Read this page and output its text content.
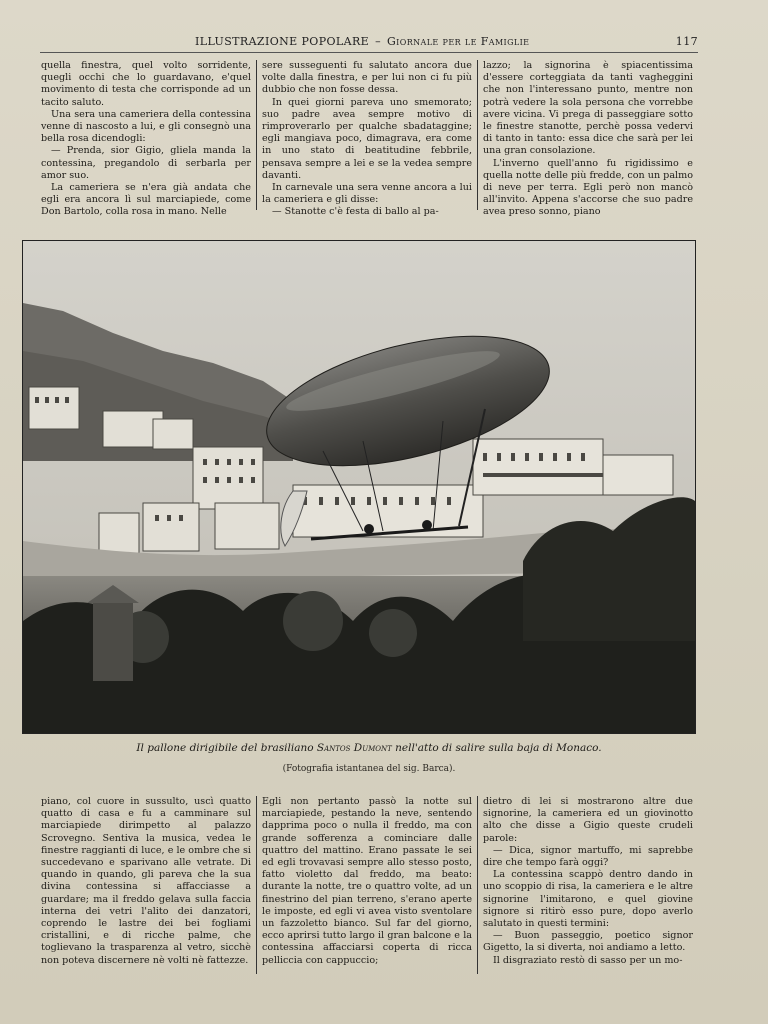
ILLUSTRAZIONE POPOLARE – Giornale per le Famiglie	117

quella finestra, quel volto sorridente, quegli occhi che lo guardavano, e'quel movimento di testa che corrisponde ad un tacito saluto.

Una sera una cameriera della contessina venne di nascosto a lui, e gli consegnò una bella rosa dicendogli:

— Prenda, sior Gigio, gliela manda la contessina, pregandolo di serbarla per amor suo.

La cameriera se n'era già andata che egli era ancora lì sul marciapiede, come Don Bartolo, colla rosa in mano. Nelle

sere susseguenti fu salutato ancora due volte dalla finestra, e per lui non ci fu più dubbio che non fosse dessa.

In quei giorni pareva uno smemorato; suo padre avea sempre motivo di rimproverarlo per qualche sbadataggine; egli mangiava poco, dimagrava, era come in uno stato di beatitudine febbrile, pensava sempre a lei e se la vedea sempre davanti.

In carnevale una sera venne ancora a lui la cameriera e gli disse:

— Stanotte c'è festa di ballo al pa-

lazzo; la signorina è spiacentissima d'essere corteggiata da tanti vagheggini che non l'interessano punto, mentre non potrà vedere la sola persona che vorrebbe avere vicina. Vi prega di passeggiare sotto le finestre stanotte, perchè possa vedervi di tanto in tanto: essa dice che sarà per lei una gran consolazione.

L'inverno quell'anno fu rigidissimo e quella notte delle più fredde, con un palmo di neve per terra. Egli però non mancò all'invito. Appena s'accorse che suo padre avea preso sonno, piano

Il pallone dirigibile del brasiliano Santos Dumont nell'atto di salire sulla baja di Monaco.
(Fotografia istantanea del sig. Barca).

piano, col cuore in sussulto, uscì quatto quatto di casa e fu a camminare sul marciapiede dirimpetto al palazzo Scrovegno. Sentiva la musica, vedea le finestre raggianti di luce, e le ombre che si succedevano e sparivano alle vetrate. Di quando in quando, gli pareva che la sua divina contessina si affacciasse a guardare; ma il freddo gelava sulla faccia interna dei vetri l'alito dei danzatori, coprendo le lastre dei bei fogliami cristallini, e di ricche palme, che toglievano la trasparenza al vetro, sicchè non poteva discernere nè volti nè fattezze.

Egli non pertanto passò la notte sul marciapiede, pestando la neve, sentendo dapprima poco o nulla il freddo, ma con grande sofferenza a cominciare dalle quattro del mattino. Erano passate le sei ed egli trovavasi sempre allo stesso posto, fatto violetto dal freddo, ma beato: durante la notte, tre o quattro volte, ad un finestrino del pian terreno, s'erano aperte le imposte, ed egli vi avea visto sventolare un fazzoletto bianco. Sul far del giorno, ecco aprirsi tutto largo il gran balcone e la contessina affacciarsi coperta di ricca pelliccia con cappuccio;

dietro di lei si mostrarono altre due signorine, la cameriera ed un giovinotto alto che disse a Gigio queste crudeli parole:

— Dica, signor martuffo, mi saprebbe dire che tempo farà oggi?

La contessina scappò dentro dando in uno scoppio di risa, la cameriera e le altre signorine l'imitarono, e quel giovine signore si ritirò esso pure, dopo averlo salutato in questi termini:

— Buon passeggio, poetico signor Gigetto, la si diverta, noi andiamo a letto.

Il disgraziato restò di sasso per un mo-
